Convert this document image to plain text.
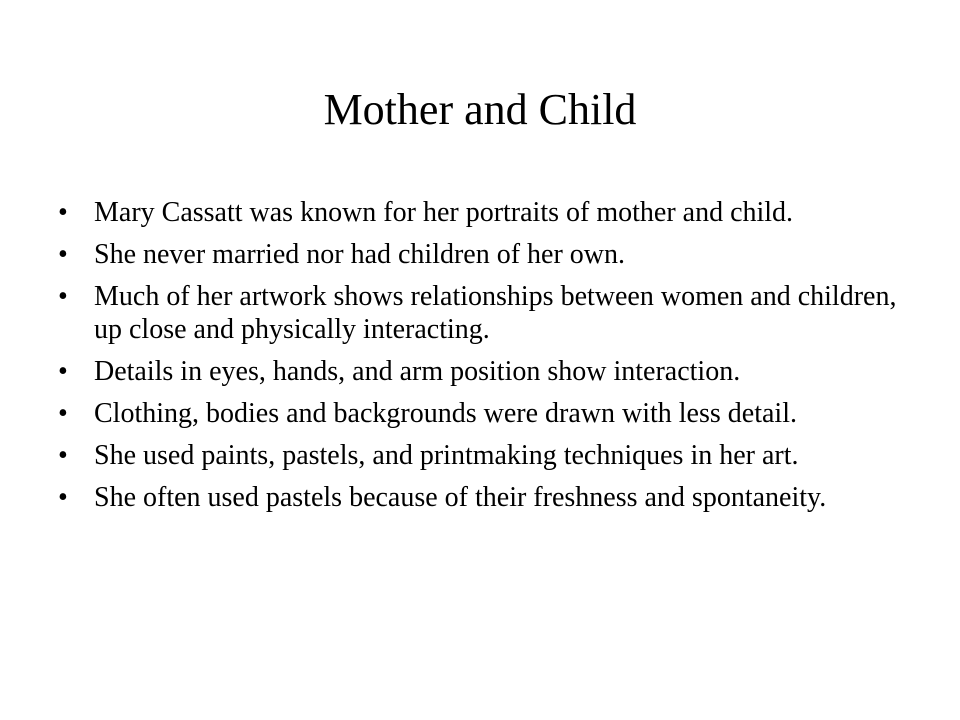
Mother and Child
• Mary Cassatt was known for her portraits of mother and child.
• She never married nor had children of her own.
• Much of her artwork shows relationships between women and children, up close and physically interacting.
• Details in eyes, hands, and arm position show interaction.
• Clothing, bodies and backgrounds were drawn with less detail.
• She used paints, pastels, and printmaking techniques in her art.
• She often used pastels because of their freshness and spontaneity.
